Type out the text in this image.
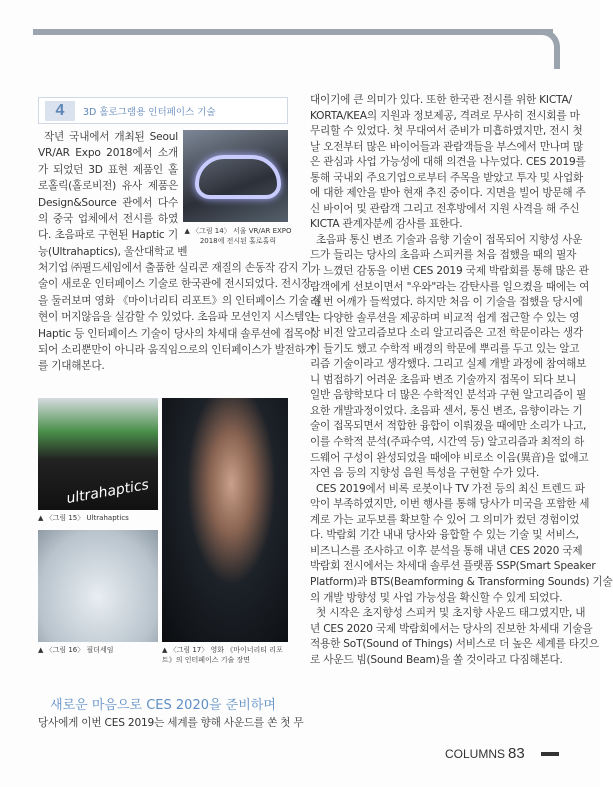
4	3D 홀로그램용 인터페이스 기술
작년 국내에서 개최된 Seoul
VR/AR Expo 2018에서 소개
가 되었던 3D 표현 제품인 홀
로홀릭(홀로비전) 유사 제품은
Design&Source 관에서 다수
의 중국 업체에서 전시를 하였
다. 초음파로 구현된 Haptic 기
능(Ultrahaptics), 울산대학교 벤
처기업 ㈜필드세임에서 출품한 실리콘 재질의 손동작 감지 기
술이 새로운 인터페이스 기술로 한국관에 전시되었다. 전시장
을 둘러보며 영화 《마이너리티 리포트》의 인터페이스 기술 실
현이 머지않음을 실감할 수 있었다. 초음파 모션인지 시스템인
Haptic 등 인터페이스 기술이 당사의 차세대 솔루션에 접목이
되어 소리뿐만이 아니라 움직임으로의 인터페이스가 발전하기
를 기대해본다.
▲ 〈그림 14〉 서울 VR/AR EXPO 2018에 전시된 홀로홀릭
ultrahaptics
▲ 〈그림 15〉 Ultrahaptics
▲ 〈그림 16〉 필더세임	▲ 〈그림 17〉 영화 《마이너리티 리포트》의 인터페이스 기술 장면
새로운 마음으로 CES 2020을 준비하며
당사에게 이번 CES 2019는 세계를 향해 사운드를 쏜 첫 무
대이기에 큰 의미가 있다. 또한 한국관 전시를 위한 KICTA/
KORTA/KEA의 지원과 정보제공, 격려로 무사히 전시회를 마
무리할 수 있었다. 첫 무대여서 준비가 미흡하였지만, 전시 첫
날 오전부터 많은 바이어들과 관람객들을 부스에서 만나며 많
은 관심과 사업 가능성에 대해 의견을 나누었다. CES 2019를
통해 국내외 주요기업으로부터 주목을 받았고 투자 및 사업화
에 대한 제안을 받아 현재 추진 중이다. 지면을 빌어 방문해 주
신 바이어 및 관람객 그리고 전후방에서 지원 사격을 해 주신
KICTA 관계자분께 감사를 표한다.
초음파 통신 변조 기술과 음향 기술이 접목되어 지향성 사운
드가 들리는 당사의 초음파 스피커를 처음 접했을 때의 필자
가 느꼈던 감동을 이번 CES 2019 국제 박람회를 통해 많은 관
람객에게 선보이면서 "우와"라는 감탄사를 일으켰을 때에는 여
러 번 어깨가 들썩였다. 하지만 처음 이 기술을 접했을 당시에
는 다양한 솔루션을 제공하며 비교적 쉽게 접근할 수 있는 영
상 비전 알고리즘보다 소리 알고리즘은 고전 학문이라는 생각
이 들기도 했고 수학적 배경의 학문에 뿌리를 두고 있는 알고
리즘 기술이라고 생각했다. 그리고 실제 개발 과정에 참여해보
니 범접하기 어려운 초음파 변조 기술까지 접목이 되다 보니
일반 음향학보다 더 많은 수학적인 분석과 구현 알고리즘이 필
요한 개발과정이었다. 초음파 센서, 통신 변조, 음향이라는 기
술이 접목되면서 적합한 융합이 이뤄졌을 때에만 소리가 나고,
이를 수학적 분석(주파수역, 시간역 등) 알고리즘과 최적의 하
드웨어 구성이 완성되었을 때에야 비로소 이음(異音)을 없애고
자연 음 등의 지향성 음원 특성을 구현할 수가 있다.
CES 2019에서 비록 로봇이나 TV 가전 등의 최신 트렌드 파
악이 부족하였지만, 이번 행사를 통해 당사가 미국을 포함한 세
계로 가는 교두보를 확보할 수 있어 그 의미가 컸던 경험이었
다. 박람회 기간 내내 당사와 융합할 수 있는 기술 및 서비스,
비즈니스를 조사하고 이후 분석을 통해 내년 CES 2020 국제
박람회 전시에서는 차세대 솔루션 플랫폼 SSP(Smart Speaker
Platform)과 BTS(Beamforming & Transforming Sounds) 기술
의 개발 방향성 및 사업 가능성을 확신할 수 있게 되었다.
첫 시작은 초지향성 스피커 및 초지향 사운드 태그였지만, 내
년 CES 2020 국제 박람회에서는 당사의 진보한 차세대 기술을
적용한 SoT(Sound of Things) 서비스로 더 높은 세계를 타깃으
로 사운드 빔(Sound Beam)을 쏠 것이라고 다짐해본다.
COLUMNS 83
